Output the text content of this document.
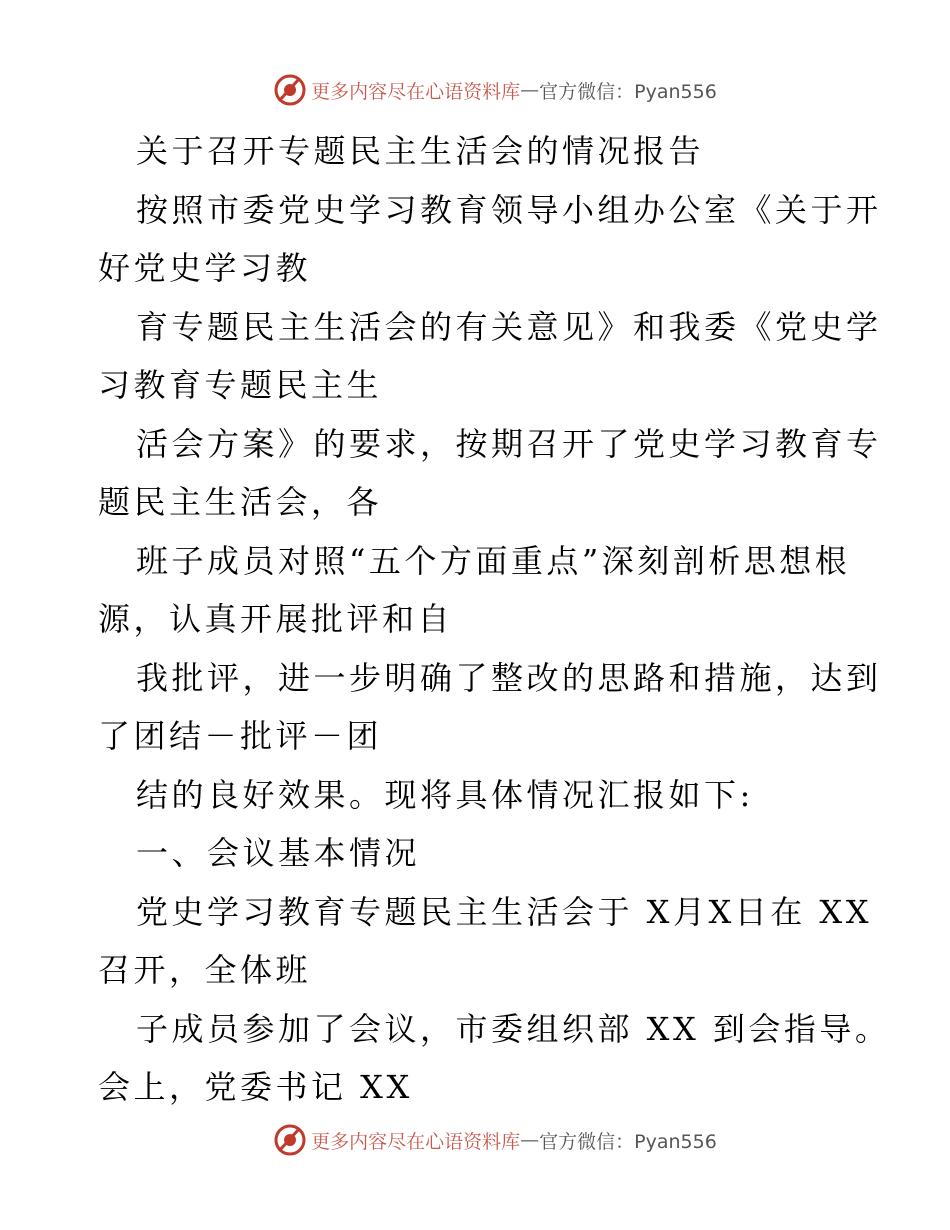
更多内容尽在心语资料库 — 官方微信：Pyan556
关于召开专题民主生活会的情况报告
按照市委党史学习教育领导小组办公室《关于开
好党史学习教
育专题民主生活会的有关意见》和我委《党史学
习教育专题民主生
活会方案》的要求，按期召开了党史学习教育专
题民主生活会，各
班子成员对照“五个方面重点”深刻剖析思想根
源，认真开展批评和自
我批评，进一步明确了整改的思路和措施，达到
了团结－批评－团
结的良好效果。现将具体情况汇报如下:
一、会议基本情况
党史学习教育专题民主生活会于 X月X日在 XX
召开，全体班
子成员参加了会议，市委组织部 XX 到会指导。
会上，党委书记 XX
更多内容尽在心语资料库 — 官方微信：Pyan556
